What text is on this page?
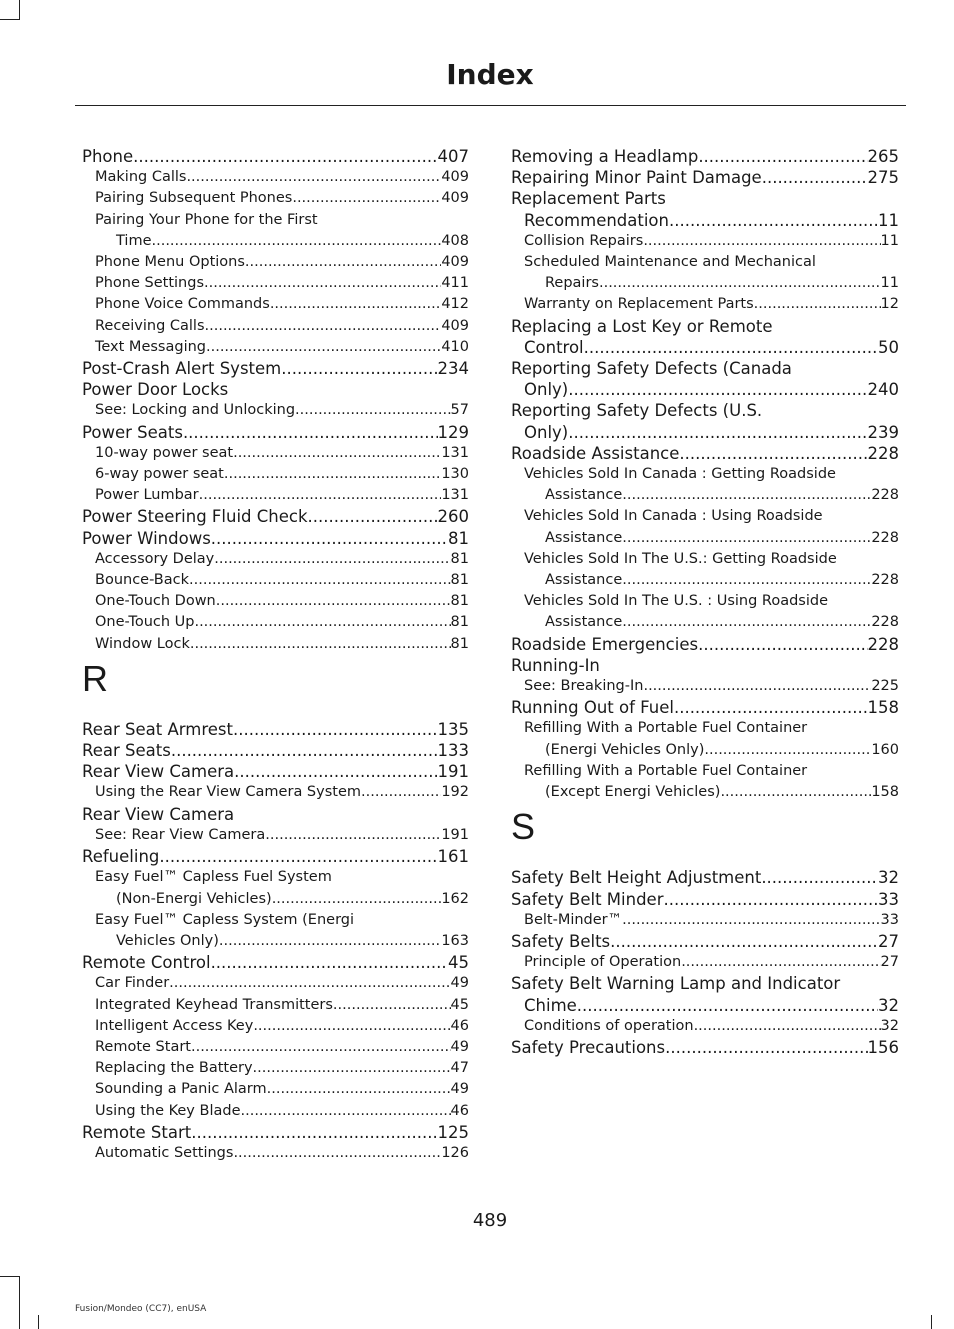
Index
Phone .....	407
Making Calls .....	409
Pairing Subsequent Phones .....	409
Pairing Your Phone for the First
Time .....	408
Phone Menu Options .....	409
Phone Settings .....	411
Phone Voice Commands .....	412
Receiving Calls .....	409
Text Messaging .....	410
Post-Crash Alert System .....	234
Power Door Locks
See: Locking and Unlocking .....	57
Power Seats .....	129
10-way power seat .....	131
6-way power seat .....	130
Power Lumbar .....	131
Power Steering Fluid Check .....	260
Power Windows .....	81
Accessory Delay .....	81
Bounce-Back .....	81
One-Touch Down .....	81
One-Touch Up .....	81
Window Lock .....	81
R
Rear Seat Armrest .....	135
Rear Seats .....	133
Rear View Camera .....	191
Using the Rear View Camera System .....	192
Rear View Camera
See: Rear View Camera .....	191
Refueling .....	161
Easy Fuel™ Capless Fuel System
(Non-Energi Vehicles) .....	162
Easy Fuel™ Capless System (Energi
Vehicles Only) .....	163
Remote Control .....	45
Car Finder .....	49
Integrated Keyhead Transmitters .....	45
Intelligent Access Key .....	46
Remote Start .....	49
Replacing the Battery .....	47
Sounding a Panic Alarm .....	49
Using the Key Blade .....	46
Remote Start .....	125
Automatic Settings .....	126
Removing a Headlamp .....	265
Repairing Minor Paint Damage .....	275
Replacement Parts
Recommendation .....	11
Collision Repairs .....	11
Scheduled Maintenance and Mechanical
Repairs .....	11
Warranty on Replacement Parts .....	12
Replacing a Lost Key or Remote
Control .....	50
Reporting Safety Defects (Canada
Only) .....	240
Reporting Safety Defects (U.S.
Only) .....	239
Roadside Assistance .....	228
Vehicles Sold In Canada : Getting Roadside
Assistance .....	228
Vehicles Sold In Canada : Using Roadside
Assistance .....	228
Vehicles Sold In The U.S.: Getting Roadside
Assistance .....	228
Vehicles Sold In The U.S. : Using Roadside
Assistance .....	228
Roadside Emergencies .....	228
Running-In
See: Breaking-In .....	225
Running Out of Fuel .....	158
Refilling With a Portable Fuel Container
(Energi Vehicles Only) .....	160
Refilling With a Portable Fuel Container
(Except Energi Vehicles) .....	158
S
Safety Belt Height Adjustment .....	32
Safety Belt Minder .....	33
Belt-Minder™ .....	33
Safety Belts .....	27
Principle of Operation .....	27
Safety Belt Warning Lamp and Indicator
Chime .....	32
Conditions of operation .....	32
Safety Precautions .....	156
489
Fusion/Mondeo (CC7), enUSA
